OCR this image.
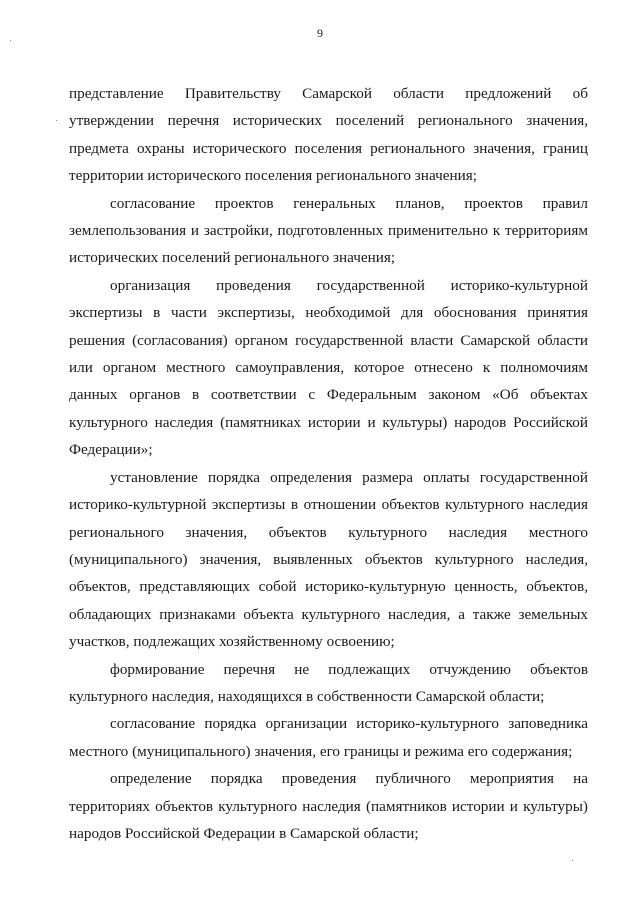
9

представление Правительству Самарской области предложений об утверждении перечня исторических поселений регионального значения, предмета охраны исторического поселения регионального значения, границ территории исторического поселения регионального значения;

согласование проектов генеральных планов, проектов правил землепользования и застройки, подготовленных применительно к территориям исторических поселений регионального значения;

организация проведения государственной историко-культурной экспертизы в части экспертизы, необходимой для обоснования принятия решения (согласования) органом государственной власти Самарской области или органом местного самоуправления, которое отнесено к полномочиям данных органов в соответствии с Федеральным законом «Об объектах культурного наследия (памятниках истории и культуры) народов Российской Федерации»;

установление порядка определения размера оплаты государственной историко-культурной экспертизы в отношении объектов культурного наследия регионального значения, объектов культурного наследия местного (муниципального) значения, выявленных объектов культурного наследия, объектов, представляющих собой историко-культурную ценность, объектов, обладающих признаками объекта культурного наследия, а также земельных участков, подлежащих хозяйственному освоению;

формирование перечня не подлежащих отчуждению объектов культурного наследия, находящихся в собственности Самарской области;

согласование порядка организации историко-культурного заповедника местного (муниципального) значения, его границы и режима его содержания;

определение порядка проведения публичного мероприятия на территориях объектов культурного наследия (памятников истории и культуры) народов Российской Федерации в Самарской области;
